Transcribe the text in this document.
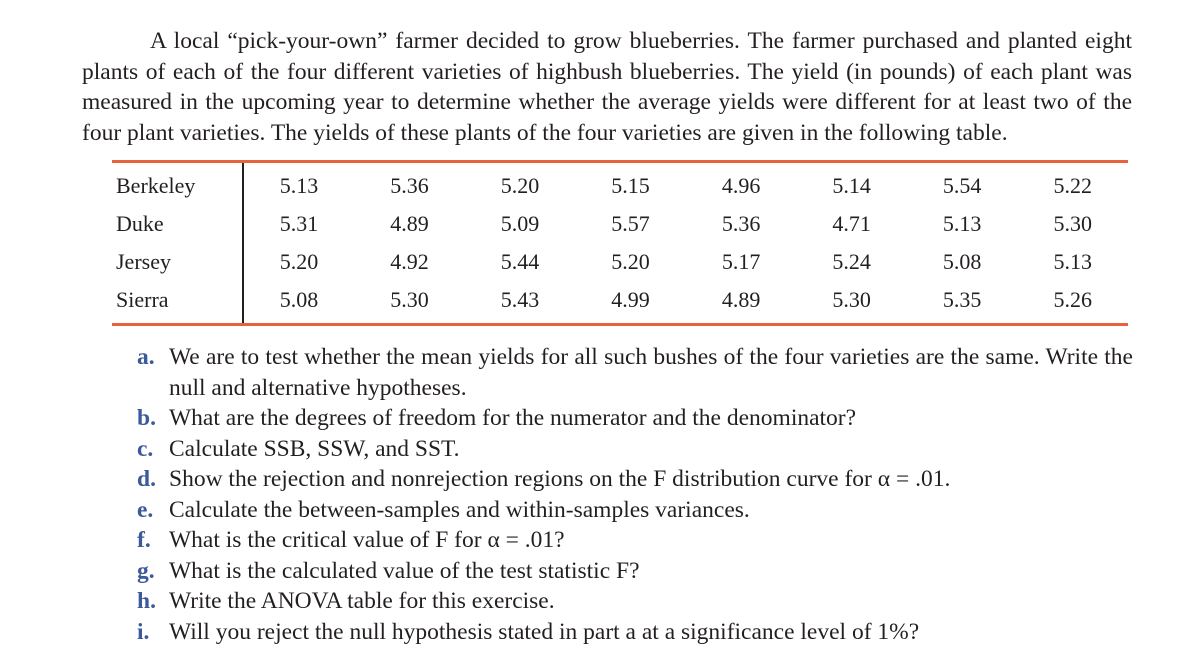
A local “pick-your-own” farmer decided to grow blueberries. The farmer purchased and planted eight plants of each of the four different varieties of highbush blueberries. The yield (in pounds) of each plant was measured in the upcoming year to determine whether the average yields were different for at least two of the four plant varieties. The yields of these plants of the four varieties are given in the following table.

Berkeley	5.13	5.36	5.20	5.15	4.96	5.14	5.54	5.22
Duke	5.31	4.89	5.09	5.57	5.36	4.71	5.13	5.30
Jersey	5.20	4.92	5.44	5.20	5.17	5.24	5.08	5.13
Sierra	5.08	5.30	5.43	4.99	4.89	5.30	5.35	5.26
a. We are to test whether the mean yields for all such bushes of the four varieties are the same. Write the null and alternative hypotheses.
b. What are the degrees of freedom for the numerator and the denominator?
c. Calculate SSB, SSW, and SST.
d. Show the rejection and nonrejection regions on the F distribution curve for α = .01.
e. Calculate the between-samples and within-samples variances.
f. What is the critical value of F for α = .01?
g. What is the calculated value of the test statistic F?
h. Write the ANOVA table for this exercise.
i. Will you reject the null hypothesis stated in part a at a significance level of 1%?
